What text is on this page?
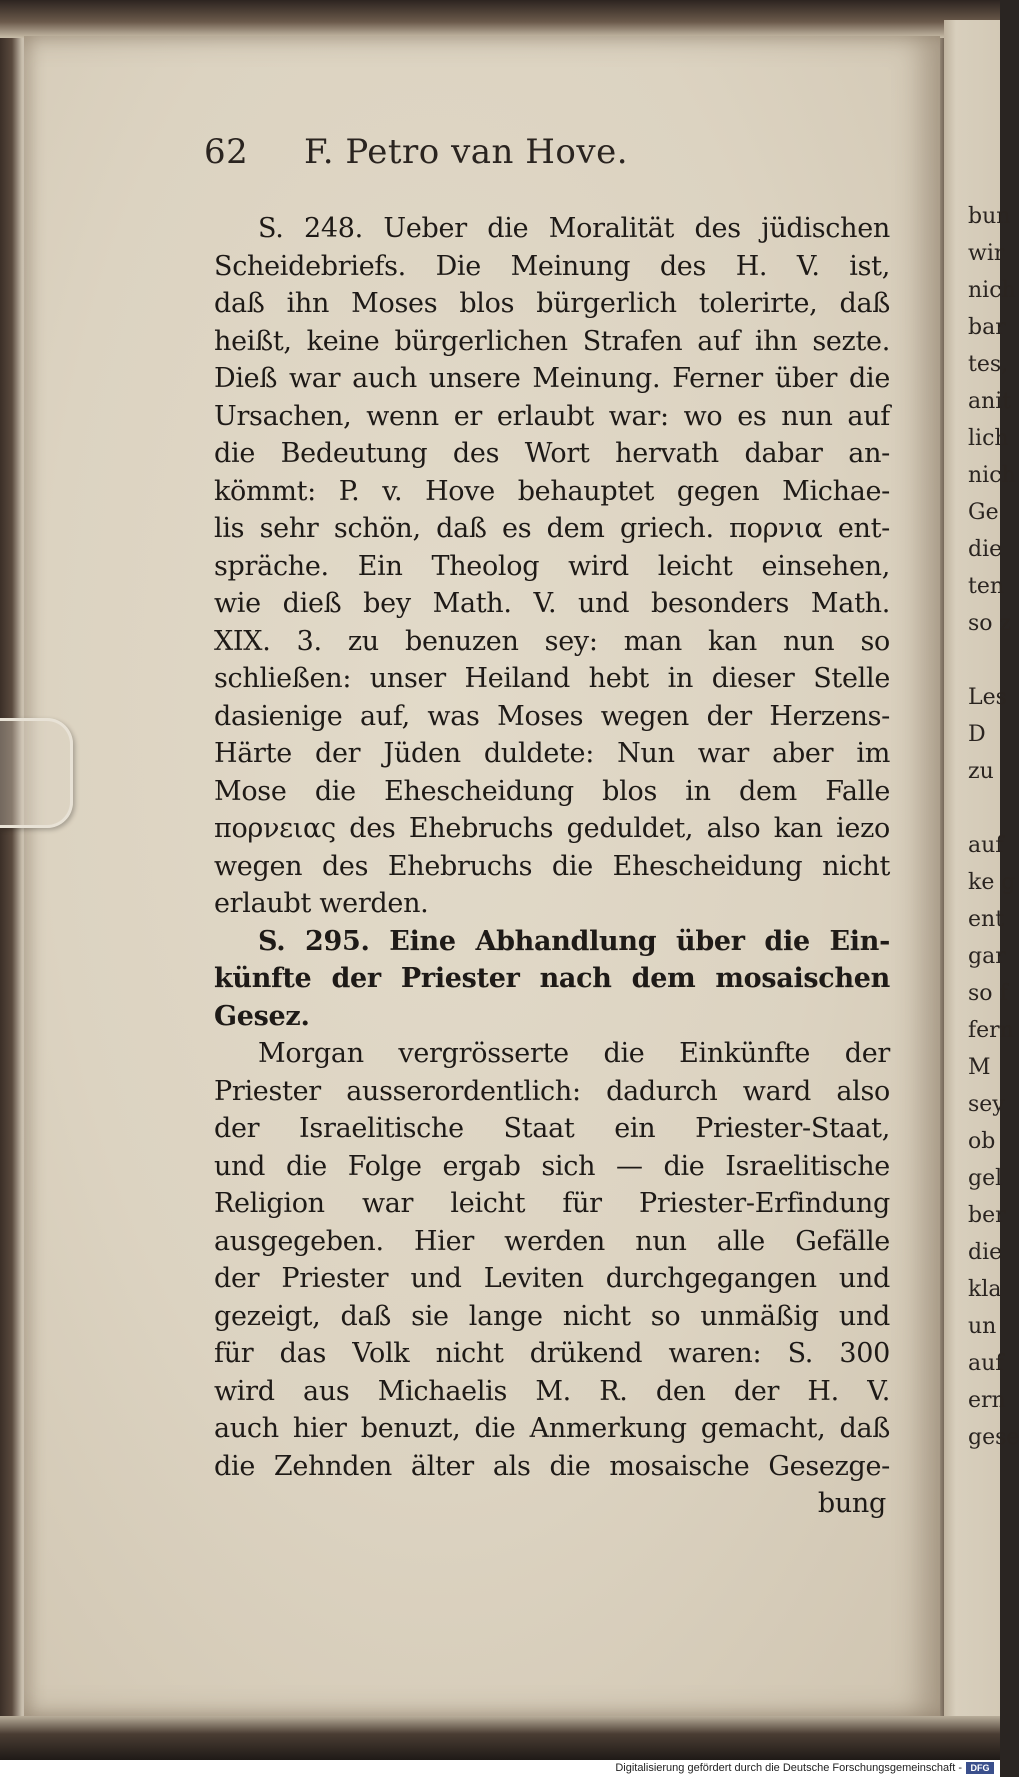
bun
wir
nich
bar
tes,
anit
lich
nich
Ge
die
ten
so z
Les
D
zu
auf
ke g
ent
gar
so f
fern
M
sey
ob
gel
ber
die
kla
un
auf
ern
gese
62 F. Petro van Hove.
S. 248. Ueber die Moralität des jüdischen
Scheidebriefs. Die Meinung des H. V. ist,
daß ihn Moses blos bürgerlich tolerirte, daß
heißt, keine bürgerlichen Strafen auf ihn sezte.
Dieß war auch unsere Meinung. Ferner über die
Ursachen, wenn er erlaubt war: wo es nun auf
die Bedeutung des Wort hervath dabar an-
kömmt: P. v. Hove behauptet gegen Michae-
lis sehr schön, daß es dem griech. πορνια ent-
spräche. Ein Theolog wird leicht einsehen,
wie dieß bey Math. V. und besonders Math.
XIX. 3. zu benuzen sey: man kan nun so
schließen: unser Heiland hebt in dieser Stelle
dasienige auf, was Moses wegen der Herzens-
Härte der Jüden duldete: Nun war aber im
Mose die Ehescheidung blos in dem Falle
πορνειας des Ehebruchs geduldet, also kan iezo
wegen des Ehebruchs die Ehescheidung nicht
erlaubt werden.
S. 295. Eine Abhandlung über die Ein-
künfte der Priester nach dem mosaischen
Gesez.
Morgan vergrösserte die Einkünfte der
Priester ausserordentlich: dadurch ward also
der Israelitische Staat ein Priester-Staat,
und die Folge ergab sich — die Israelitische
Religion war leicht für Priester-Erfindung
ausgegeben. Hier werden nun alle Gefälle
der Priester und Leviten durchgegangen und
gezeigt, daß sie lange nicht so unmäßig und
für das Volk nicht drükend waren: S. 300
wird aus Michaelis M. R. den der H. V.
auch hier benuzt, die Anmerkung gemacht, daß
die Zehnden älter als die mosaische Gesezge-
bung
Digitalisierung gefördert durch die Deutsche Forschungsgemeinschaft - DFG
